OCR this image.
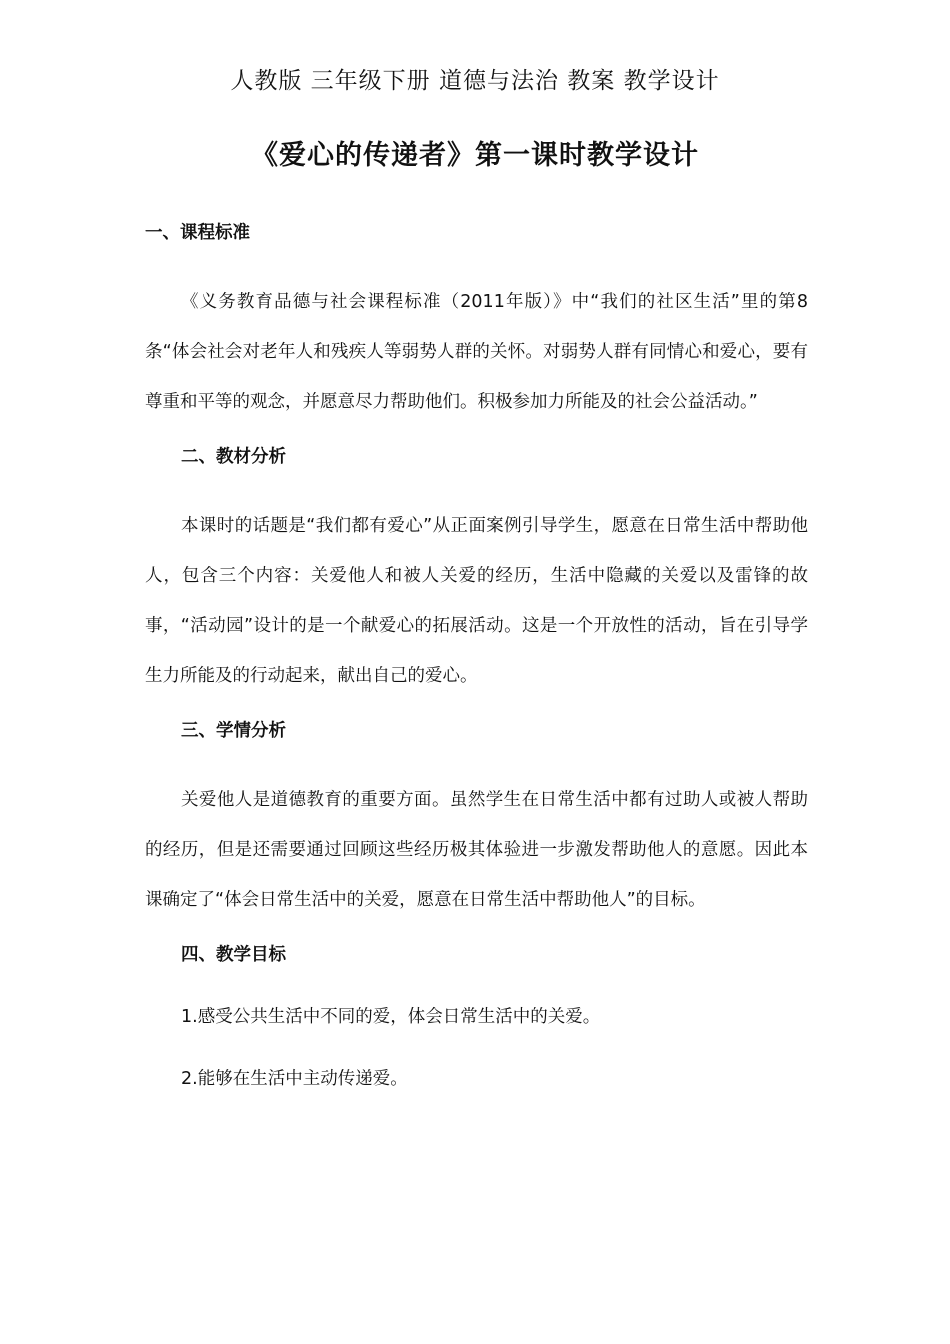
人教版 三年级下册 道德与法治 教案 教学设计
《爱心的传递者》第一课时教学设计
一、课程标准

《义务教育品德与社会课程标准（2011年版）》中“我们的社区生活”里的第8条“体会社会对老年人和残疾人等弱势人群的关怀。对弱势人群有同情心和爱心，要有尊重和平等的观念，并愿意尽力帮助他们。积极参加力所能及的社会公益活动。”

二、教材分析

本课时的话题是“我们都有爱心”从正面案例引导学生，愿意在日常生活中帮助他人，包含三个内容：关爱他人和被人关爱的经历，生活中隐藏的关爱以及雷锋的故事，“活动园”设计的是一个献爱心的拓展活动。这是一个开放性的活动，旨在引导学生力所能及的行动起来，献出自己的爱心。

三、学情分析

关爱他人是道德教育的重要方面。虽然学生在日常生活中都有过助人或被人帮助的经历，但是还需要通过回顾这些经历极其体验进一步激发帮助他人的意愿。因此本课确定了“体会日常生活中的关爱，愿意在日常生活中帮助他人”的目标。

四、教学目标
1.感受公共生活中不同的爱，体会日常生活中的关爱。
2.能够在生活中主动传递爱。
